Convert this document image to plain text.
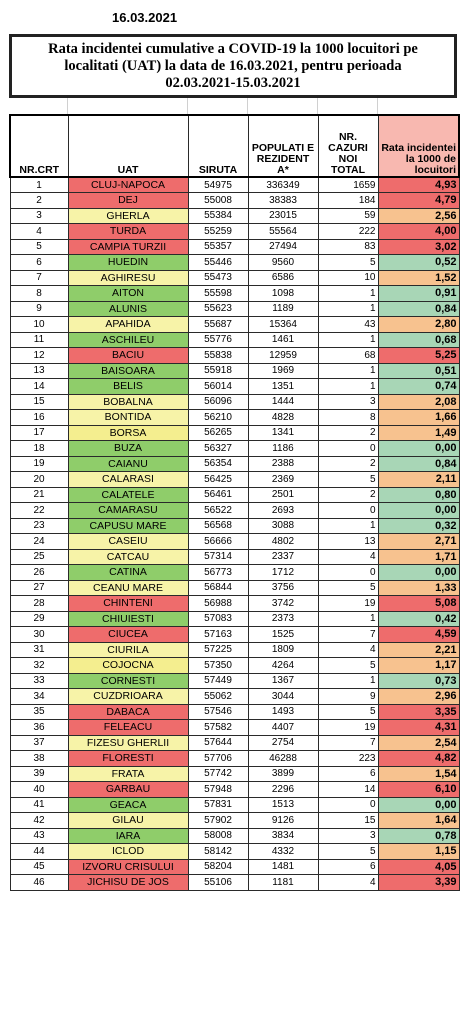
16.03.2021
Rata incidentei cumulative a COVID-19 la 1000 locuitori pe
localitati (UAT) la data de 16.03.2021, pentru perioada
02.03.2021-15.03.2021
NR.CRT	UAT	SIRUTA	POPULATI E REZIDENT A*	NR. CAZURI NOI TOTAL	Rata incidentei la 1000 de locuitori
1	CLUJ-NAPOCA	54975	336349	1659	4,93
2	DEJ	55008	38383	184	4,79
3	GHERLA	55384	23015	59	2,56
4	TURDA	55259	55564	222	4,00
5	CAMPIA TURZII	55357	27494	83	3,02
6	HUEDIN	55446	9560	5	0,52
7	AGHIRESU	55473	6586	10	1,52
8	AITON	55598	1098	1	0,91
9	ALUNIS	55623	1189	1	0,84
10	APAHIDA	55687	15364	43	2,80
11	ASCHILEU	55776	1461	1	0,68
12	BACIU	55838	12959	68	5,25
13	BAISOARA	55918	1969	1	0,51
14	BELIS	56014	1351	1	0,74
15	BOBALNA	56096	1444	3	2,08
16	BONTIDA	56210	4828	8	1,66
17	BORSA	56265	1341	2	1,49
18	BUZA	56327	1186	0	0,00
19	CAIANU	56354	2388	2	0,84
20	CALARASI	56425	2369	5	2,11
21	CALATELE	56461	2501	2	0,80
22	CAMARASU	56522	2693	0	0,00
23	CAPUSU MARE	56568	3088	1	0,32
24	CASEIU	56666	4802	13	2,71
25	CATCAU	57314	2337	4	1,71
26	CATINA	56773	1712	0	0,00
27	CEANU MARE	56844	3756	5	1,33
28	CHINTENI	56988	3742	19	5,08
29	CHIUIESTI	57083	2373	1	0,42
30	CIUCEA	57163	1525	7	4,59
31	CIURILA	57225	1809	4	2,21
32	COJOCNA	57350	4264	5	1,17
33	CORNESTI	57449	1367	1	0,73
34	CUZDRIOARA	55062	3044	9	2,96
35	DABACA	57546	1493	5	3,35
36	FELEACU	57582	4407	19	4,31
37	FIZESU GHERLII	57644	2754	7	2,54
38	FLORESTI	57706	46288	223	4,82
39	FRATA	57742	3899	6	1,54
40	GARBAU	57948	2296	14	6,10
41	GEACA	57831	1513	0	0,00
42	GILAU	57902	9126	15	1,64
43	IARA	58008	3834	3	0,78
44	ICLOD	58142	4332	5	1,15
45	IZVORU CRISULUI	58204	1481	6	4,05
46	JICHISU DE JOS	55106	1181	4	3,39
